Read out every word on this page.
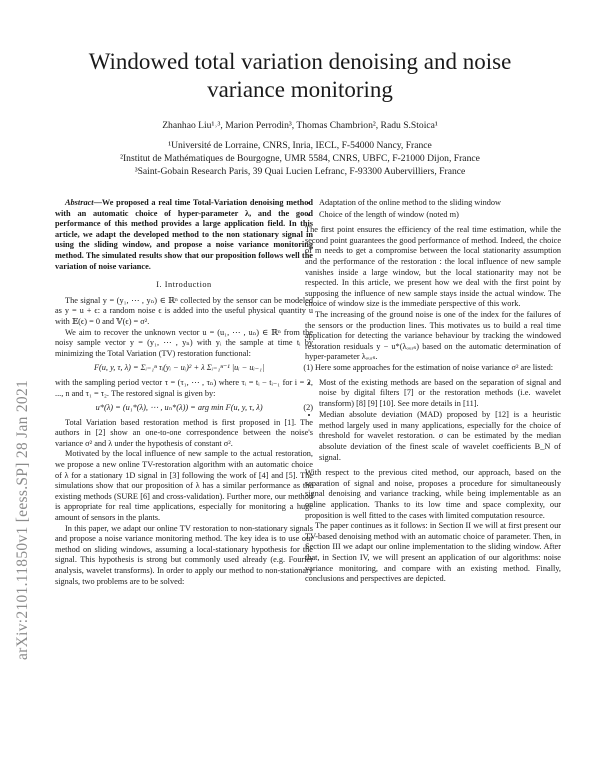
arXiv:2101.11850v1 [eess.SP] 28 Jan 2021
Windowed total variation denoising and noise variance monitoring
Zhanhao Liu¹˒³, Marion Perrodin³, Thomas Chambrion², Radu S.Stoica¹
¹Université de Lorraine, CNRS, Inria, IECL, F-54000 Nancy, France
²Institut de Mathématiques de Bourgogne, UMR 5584, CNRS, UBFC, F-21000 Dijon, France
³Saint-Gobain Research Paris, 39 Quai Lucien Lefranc, F-93300 Aubervilliers, France

Abstract—We proposed a real time Total-Variation denoising method with an automatic choice of hyper-parameter λ, and the good performance of this method provides a large application field. In this article, we adapt the developed method to the non stationary signal in using the sliding window, and propose a noise variance monitoring method. The simulated results show that our proposition follows well the variation of noise variance.

I. Introduction

The signal y = (y₁, ⋯ , yₙ) ∈ ℝⁿ collected by the sensor can be modeled as y = u + ϵ: a random noise ϵ is added into the useful physical quantity u with 𝔼(ϵ) = 0 and 𝕍(ϵ) = σ².

We aim to recover the unknown vector u = (u₁, ⋯ , uₙ) ∈ ℝⁿ from the noisy sample vector y = (y₁, ⋯ , yₙ) with yᵢ the sample at time tᵢ by minimizing the Total Variation (TV) restoration functional:

F(u, y, τ, λ) = Σᵢ₌₁ⁿ τᵢ(yᵢ − uᵢ)² + λ Σᵢ₌₁ⁿ⁻¹ |uᵢ − uᵢ₋₁|	(1)

with the sampling period vector τ = (τ₁, ⋯ , τₙ) where τᵢ = tᵢ − tᵢ₋₁ for i = 2, ..., n and τ₁ = τ₂. The restored signal is given by:

u*(λ) = (u₁*(λ), ⋯ , uₙ*(λ)) = arg min F(u, y, τ, λ)	(2)

Total Variation based restoration method is first proposed in [1]. The authors in [2] show an one-to-one correspondence between the noise's variance σ² and λ under the hypothesis of constant σ².

Motivated by the local influence of new sample to the actual restoration, we propose a new online TV-restoration algorithm with an automatic choice of λ for a stationary 1D signal in [3] following the work of [4] and [5]. The simulations show that our proposition of λ has a similar performance as the existing methods (SURE [6] and cross-validation). Further more, our method is appropriate for real time applications, especially for monitoring a huge amount of sensors in the plants.

In this paper, we adapt our online TV restoration to non-stationary signals and propose a noise variance monitoring method. The key idea is to use our method on sliding windows, assuming a local-stationary hypothesis for the signal. This hypothesis is strong but commonly used already (e.g. Fourier analysis, wavelet transforms). In order to apply our method to non-stationary signals, two problems are to be solved:

• Adaptation of the online method to the sliding window
• Choice of the length of window (noted m)

The first point ensures the efficiency of the real time estimation, while the second point guarantees the good performance of method. Indeed, the choice of m needs to get a compromise between the local stationarity assumption and the performance of the restoration : the local influence of new sample vanishes inside a large window, but the local stationarity may not be respected. In this article, we present how we deal with the first point by supposing the influence of new sample stays inside the actual window. The choice of window size is the immediate perspective of this work.

The increasing of the ground noise is one of the index for the failures of the sensors or the production lines. This motivates us to build a real time application for detecting the variance behaviour by tracking the windowed restoration residuals y − u*(λₒᵤᵣₛ) based on the automatic determination of hyper-parameter λₒᵤᵣₛ.

Here some approaches for the estimation of noise variance σ² are listed:

• Most of the existing methods are based on the separation of signal and noise by digital filters [7] or the restoration methods (i.e. wavelet transform) [8] [9] [10]. See more details in [11].
• Median absolute deviation (MAD) proposed by [12] is a heuristic method largely used in many applications, especially for the choice of threshold for wavelet restoration. σ can be estimated by the median absolute deviation of the finest scale of wavelet coefficients B_N of signal.

With respect to the previous cited method, our approach, based on the separation of signal and noise, proposes a procedure for simultaneously signal denoising and variance tracking, while being implementable as an online application. Thanks to its low time and space complexity, our proposition is well fitted to the cases with limited computation resource.

The paper continues as it follows: in Section II we will at first present our TV-based denoising method with an automatic choice of parameter. Then, in Section III we adapt our online implementation to the sliding window. After that, in Section IV, we will present an application of our algorithms: noise variance monitoring, and compare with an existing method. Finally, conclusions and perspectives are depicted.
